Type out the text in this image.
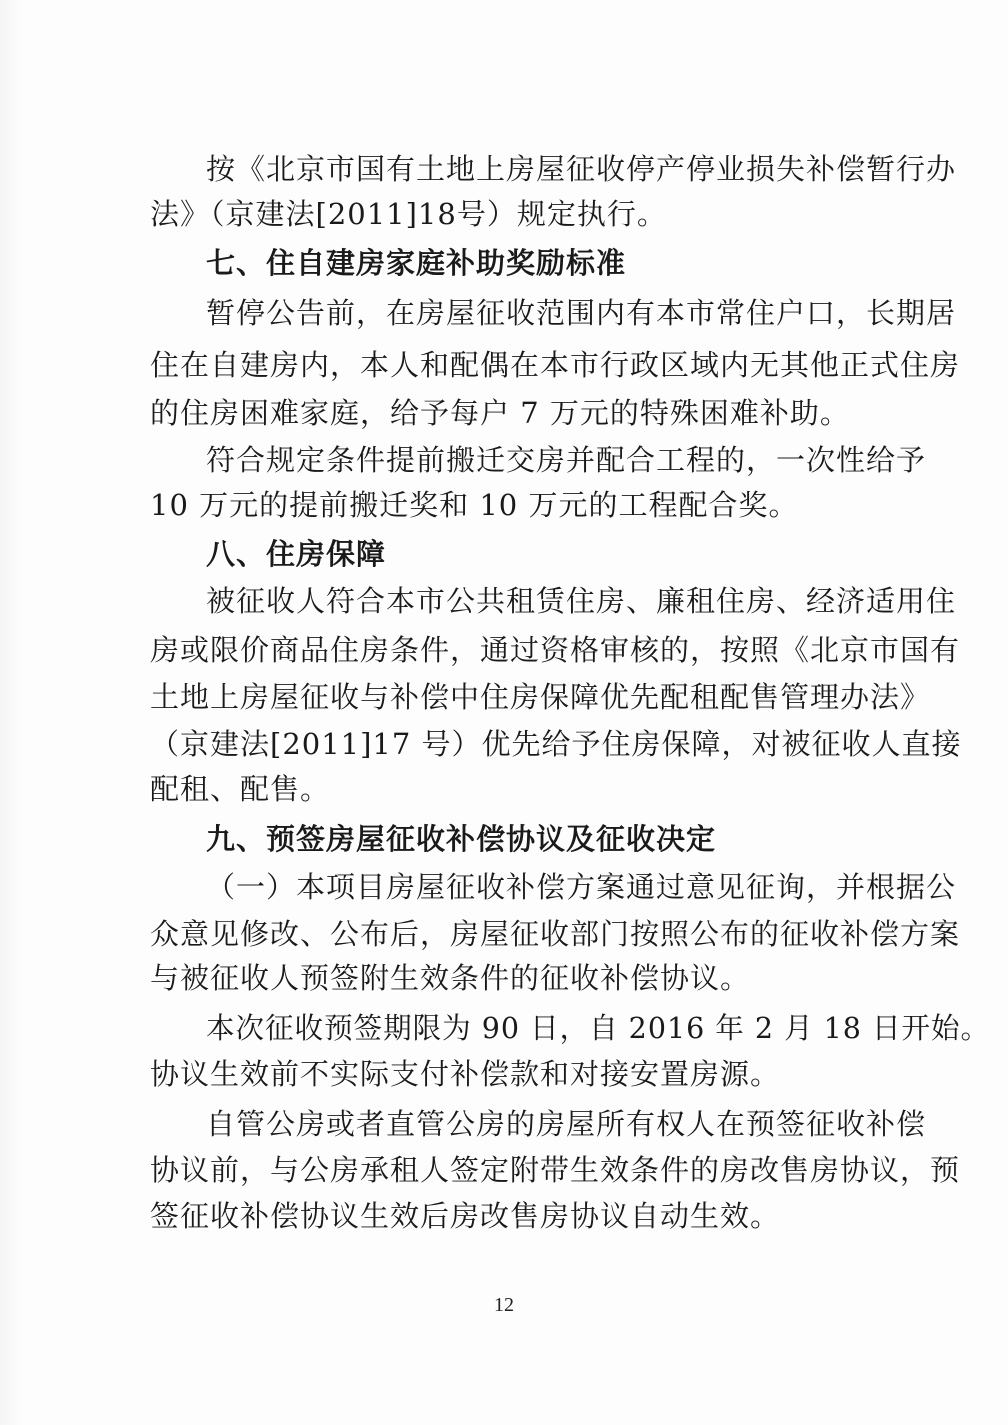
按《北京市国有土地上房屋征收停产停业损失补偿暂行办
法》（京建法[2011]18号）规定执行。
七、住自建房家庭补助奖励标准
暂停公告前，在房屋征收范围内有本市常住户口，长期居
住在自建房内，本人和配偶在本市行政区域内无其他正式住房
的住房困难家庭，给予每户 7 万元的特殊困难补助。
符合规定条件提前搬迁交房并配合工程的，一次性给予
10 万元的提前搬迁奖和 10 万元的工程配合奖。
八、住房保障
被征收人符合本市公共租赁住房、廉租住房、经济适用住
房或限价商品住房条件，通过资格审核的，按照《北京市国有
土地上房屋征收与补偿中住房保障优先配租配售管理办法》
（京建法[2011]17 号）优先给予住房保障，对被征收人直接
配租、配售。
九、预签房屋征收补偿协议及征收决定
（一）本项目房屋征收补偿方案通过意见征询，并根据公
众意见修改、公布后，房屋征收部门按照公布的征收补偿方案
与被征收人预签附生效条件的征收补偿协议。
本次征收预签期限为 90 日，自 2016 年 2 月 18 日开始。
协议生效前不实际支付补偿款和对接安置房源。
自管公房或者直管公房的房屋所有权人在预签征收补偿
协议前，与公房承租人签定附带生效条件的房改售房协议，预
签征收补偿协议生效后房改售房协议自动生效。
12
